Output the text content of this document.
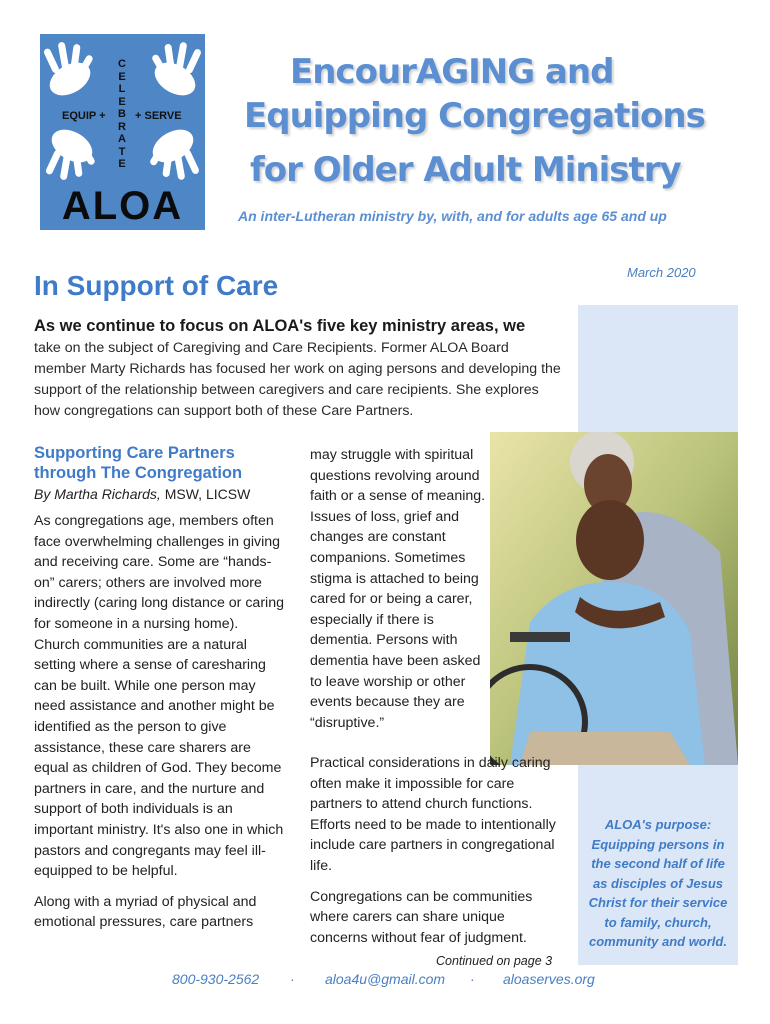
EQUIP +	+ SERVE
C
E
L
E
B
R
A
T
E
ALOA
EncourAGING and
Equipping Congregations
for Older Adult Ministry
An inter-Lutheran ministry by, with, and for adults age 65 and up
March 2020
In Support of Care
As we continue to focus on ALOA's five key ministry areas, we
take on the subject of Caregiving and Care Recipients. Former ALOA Board member Marty Richards has focused her work on aging persons and developing the support of the relationship between caregivers and care recipients. She explores how congregations can support both of these Care Partners.
Supporting Care Partners
through The Congregation
By Martha Richards, MSW, LICSW

As congregations age, members often face overwhelming challenges in giving and receiving care. Some are “hands-on” carers; others are involved more indirectly (caring long distance or caring for someone in a nursing home). Church communities are a natural setting where a sense of caresharing can be built. While one person may need assistance and another might be identified as the person to give assistance, these care sharers are equal as children of God. They become partners in care, and the nurture and support of both individuals is an important ministry. It's also one in which pastors and congregants may feel ill-equipped to be helpful.

Along with a myriad of physical and emotional pressures, care partners

may struggle with spiritual questions revolving around faith or a sense of meaning. Issues of loss, grief and changes are constant companions. Sometimes stigma is attached to being cared for or being a carer, especially if there is dementia. Persons with dementia have been asked to leave worship or other events because they are “disruptive.”

Practical considerations in daily caring often make it impossible for care partners to attend church functions. Efforts need to be made to intentionally include care partners in congregational life.

Congregations can be communities where carers can share unique concerns without fear of judgment.

Continued on page 3
ALOA's purpose:
Equipping persons in
the second half of life
as disciples of Jesus
Christ for their service
to family, church,
community and world.
800-930-2562 · aloa4u@gmail.com · aloaserves.org
